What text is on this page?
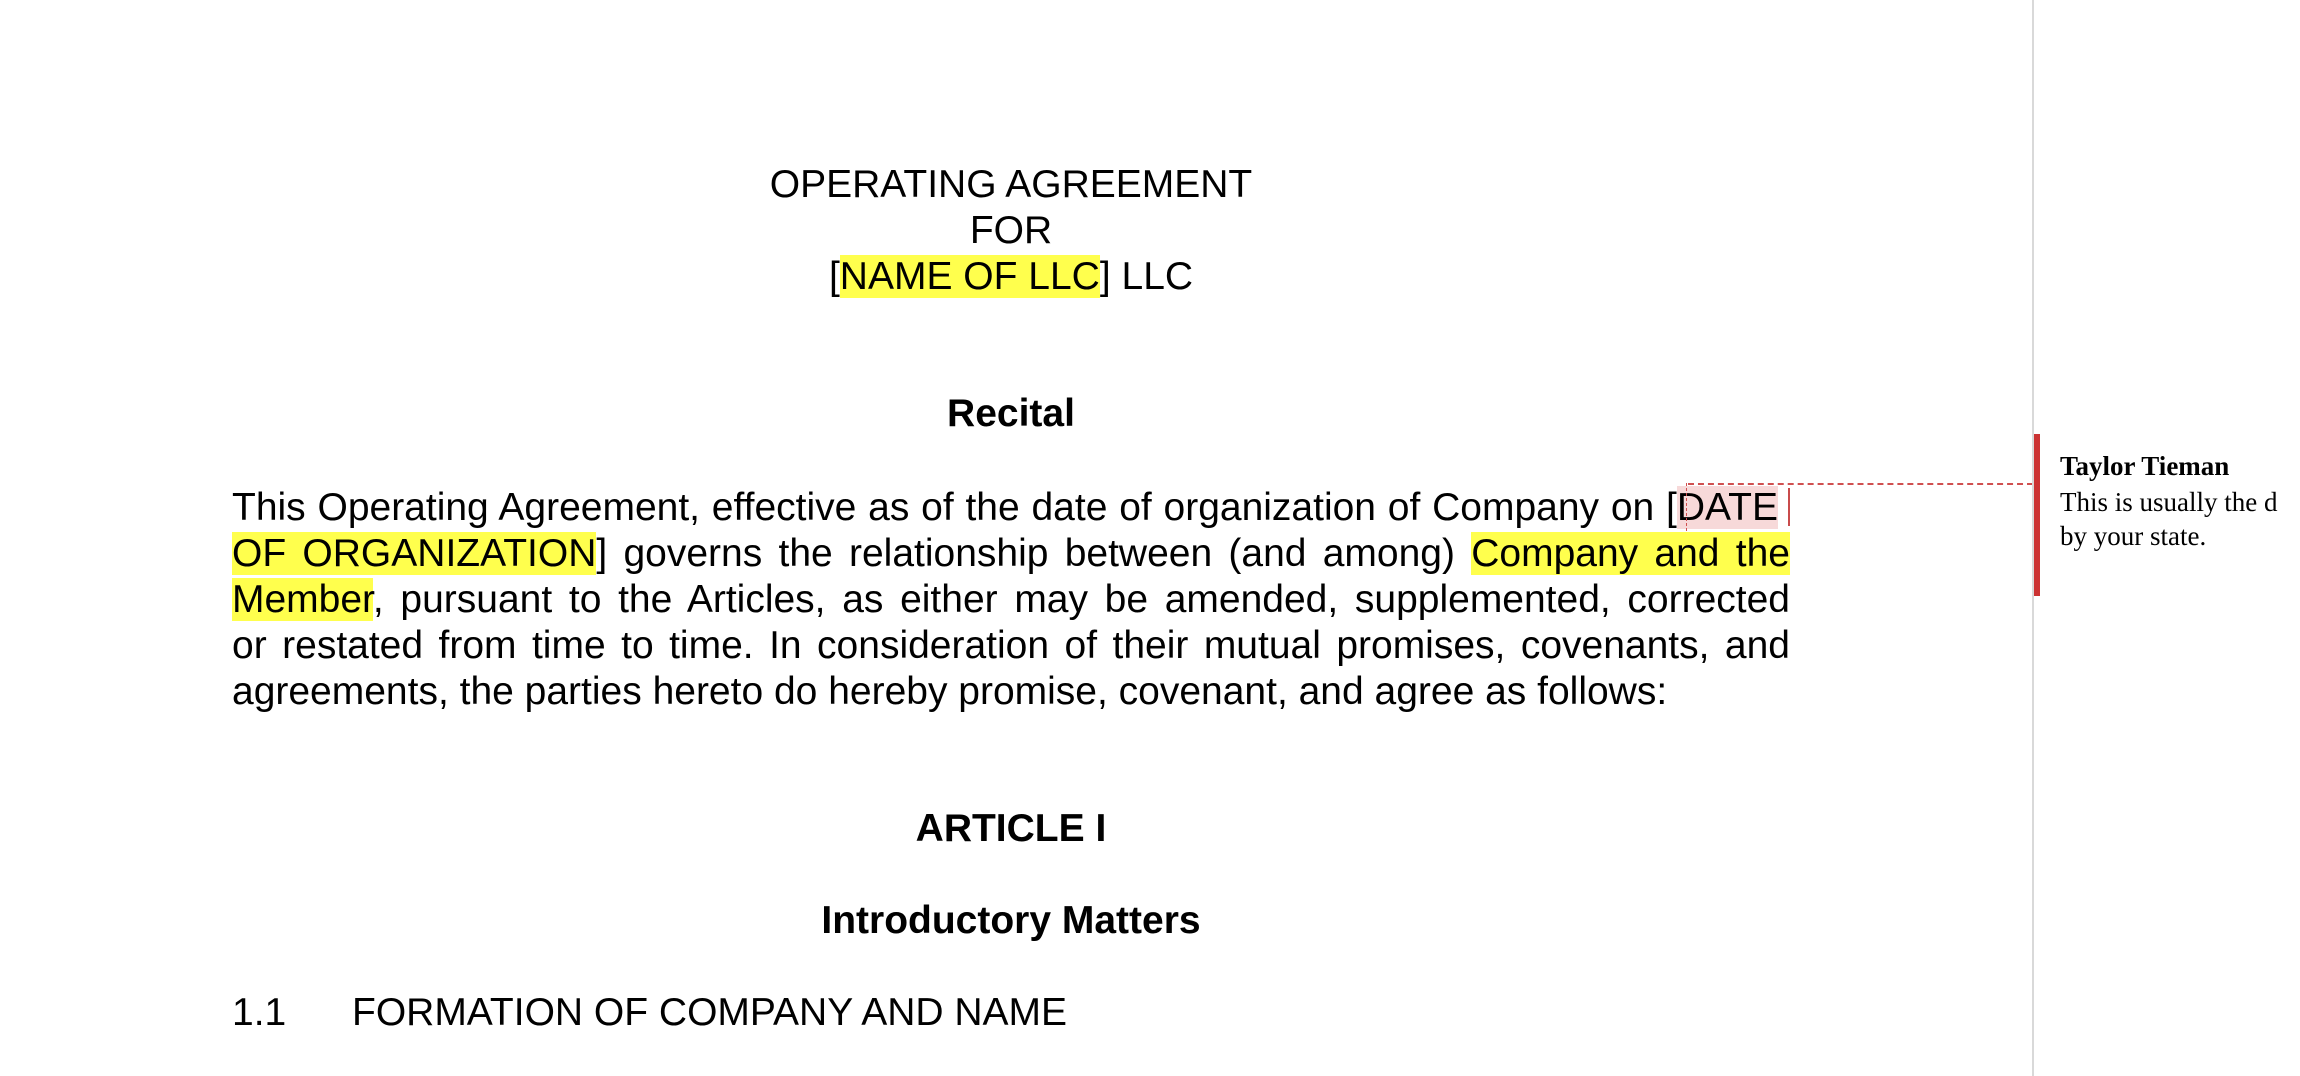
OPERATING AGREEMENT
FOR
[NAME OF LLC] LLC
Recital
This Operating Agreement, effective as of the date of organization of Company on [DATE
OF ORGANIZATION] governs the relationship between (and among) Company and the
Member, pursuant to the Articles, as either may be amended, supplemented, corrected
or restated from time to time. In consideration of their mutual promises, covenants, and
agreements, the parties hereto do hereby promise, covenant, and agree as follows:
ARTICLE I
Introductory Matters
1.1 FORMATION OF COMPANY AND NAME
Taylor Tieman
This is usually the d
by your state.
